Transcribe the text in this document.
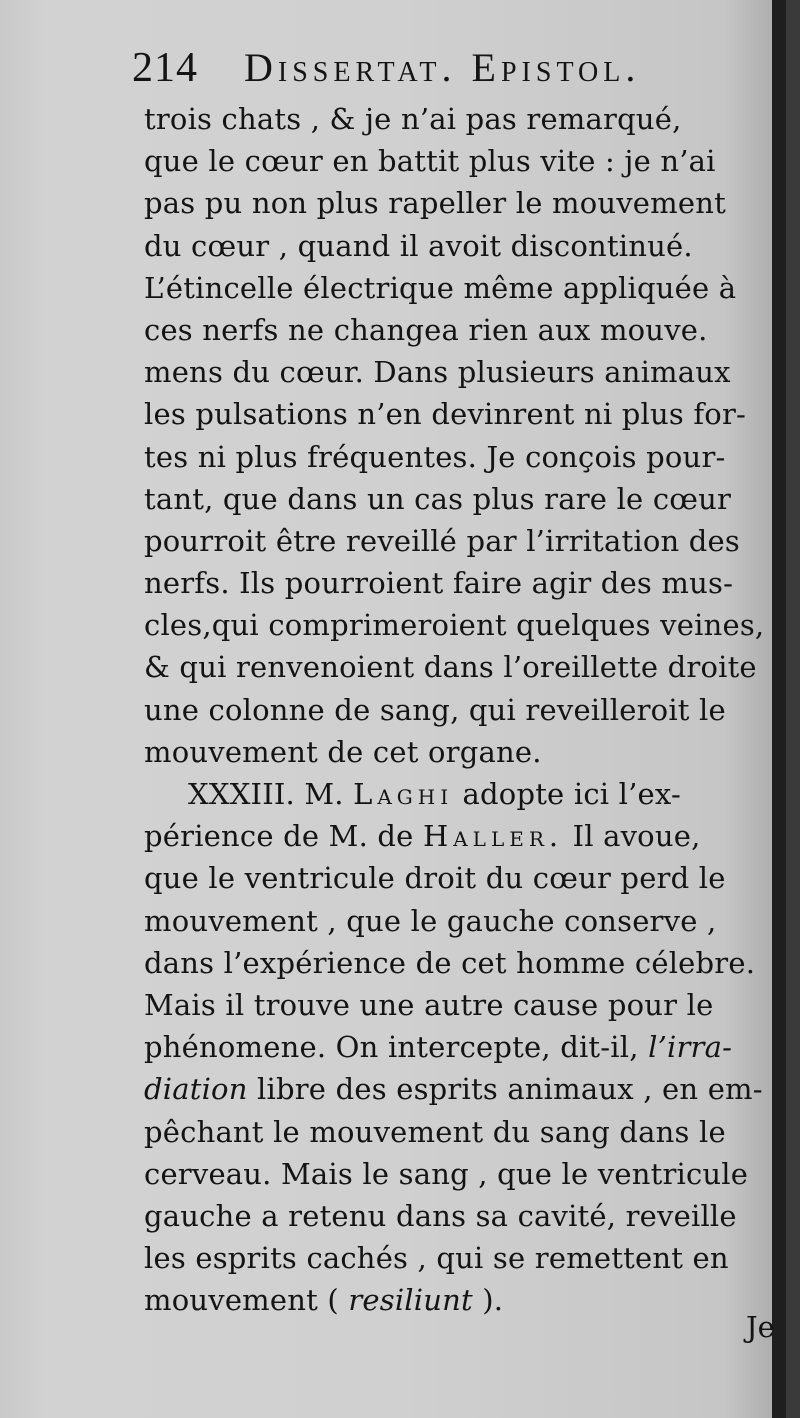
214 Dissertat. Epistol.
trois chats , & je n’ai pas remarqué,
que le cœur en battit plus vite : je n’ai
pas pu non plus rapeller le mouvement
du cœur , quand il avoit discontinué.
L’étincelle électrique même appliquée à
ces nerfs ne changea rien aux mouve.
mens du cœur. Dans plusieurs animaux
les pulsations n’en devinrent ni plus for-
tes ni plus fréquentes. Je conçois pour-
tant, que dans un cas plus rare le cœur
pourroit être reveillé par l’irritation des
nerfs. Ils pourroient faire agir des mus-
cles,qui comprimeroient quelques veines,
& qui renvenoient dans l’oreillette droite
une colonne de sang, qui reveilleroit le
mouvement de cet organe.
XXXIII. M. Laghi adopte ici l’ex-
périence de M. de Haller. Il avoue,
que le ventricule droit du cœur perd le
mouvement , que le gauche conserve ,
dans l’expérience de cet homme célebre.
Mais il trouve une autre cause pour le
phénomene. On intercepte, dit-il, l’irra-
diation libre des esprits animaux , en em-
pêchant le mouvement du sang dans le
cerveau. Mais le sang , que le ventricule
gauche a retenu dans sa cavité, reveille
les esprits cachés , qui se remettent en
mouvement ( resiliunt ).
Je
